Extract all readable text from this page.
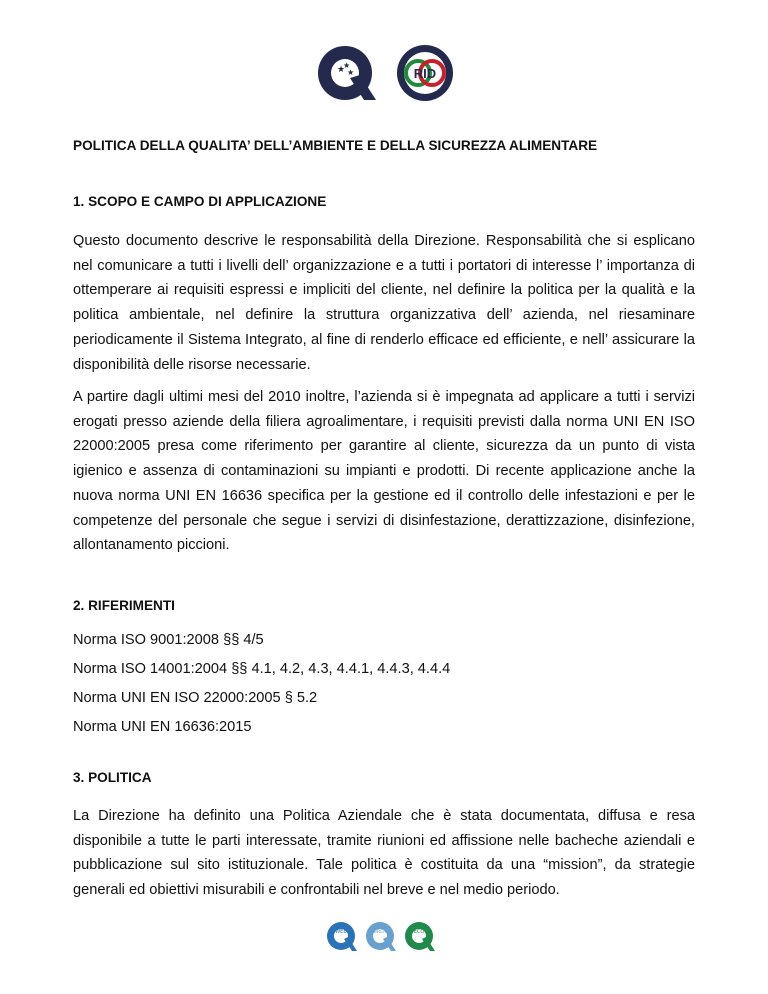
★
★
★	RID
POLITICA DELLA QUALITA’ DELL’AMBIENTE E DELLA SICUREZZA ALIMENTARE
1. SCOPO E CAMPO DI APPLICAZIONE
Questo documento descrive le responsabilità della Direzione. Responsabilità che si esplicano nel comunicare a tutti i livelli dell’ organizzazione e a tutti i portatori di interesse l’ importanza di ottemperare ai requisiti espressi e impliciti del cliente, nel definire la politica per la qualità e la politica ambientale, nel definire la struttura organizzativa dell’ azienda, nel riesaminare periodicamente il Sistema Integrato, al fine di renderlo efficace ed efficiente, e nell’ assicurare la disponibilità delle risorse necessarie.
A partire dagli ultimi mesi del 2010 inoltre, l’azienda si è impegnata ad applicare a tutti i servizi erogati presso aziende della filiera agroalimentare, i requisiti previsti dalla norma UNI EN ISO 22000:2005 presa come riferimento per garantire al cliente, sicurezza da un punto di vista igienico e assenza di contaminazioni su impianti e prodotti. Di recente applicazione anche la nuova norma UNI EN 16636 specifica per la gestione ed il controllo delle infestazioni e per le competenze del personale che segue i servizi di disinfestazione, derattizzazione, disinfezione, allontanamento piccioni.
2. RIFERIMENTI
Norma ISO 9001:2008 §§ 4/5
Norma ISO 14001:2004 §§ 4.1, 4.2, 4.3, 4.4.1, 4.4.3, 4.4.4
Norma UNI EN ISO 22000:2005 § 5.2
Norma UNI EN 16636:2015
3. POLITICA
La Direzione ha definito una Politica Aziendale che è stata documentata, diffusa e resa disponibile a tutte le parti interessate, tramite riunioni ed affissione nelle bacheche aziendali e pubblicazione sul sito istituzionale. Tale politica è costituita da una “mission”, da strategie generali ed obiettivi misurabili e confrontabili nel breve e nel medio periodo.
WEB	BREA	ECO
